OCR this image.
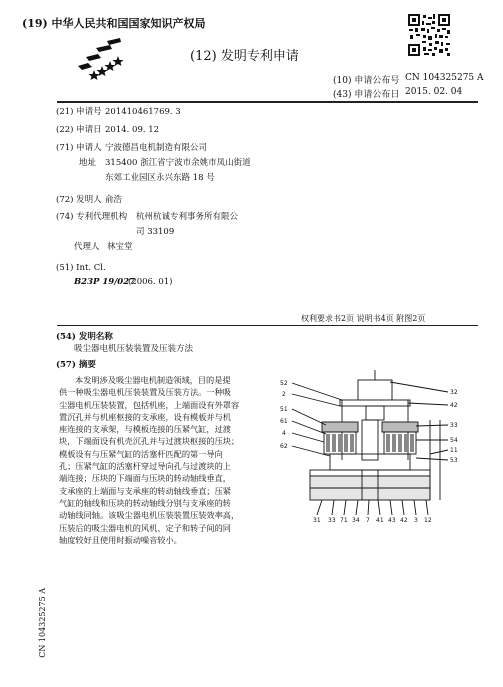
(19) 中华人民共和国国家知识产权局
(12) 发明专利申请
(10) 申请公布号 CN 104325275 A
(43) 申请公布日 2015. 02. 04
(21) 申请号 201410461769. 3
(22) 申请日 2014. 09. 12
(71) 申请人 宁波德昌电机制造有限公司
地址 315400 浙江省宁波市余姚市凤山街道
东郊工业园区永兴东路 18 号
(72) 发明人 俞浩
(74) 专利代理机构 杭州杭诚专利事务所有限公
司 33109
代理人 林宝堂
(51) Int. Cl.
B23P 19/027
(2006. 01)
权利要求书2页 说明书4页 附图2页
(54) 发明名称
吸尘器电机压装装置及压装方法
(57) 摘要
本发明涉及吸尘器电机制造领域，目的是提
供一种吸尘器电机压装装置及压装方法。一种吸
尘器电机压装装置，包括机座，上端面设有外罩容
置沉孔并与机座枢接的支承座，设有模板并与机
座连接的支承架，与模板连接的压紧气缸，过渡
块，下端面设有机壳沉孔并与过渡块枢接的压块；
模板设有与压紧气缸的活塞杆匹配的第一导向
孔；压紧气缸的活塞杆穿过导向孔与过渡块的上
端连接；压块的下端面与压块的转动轴线垂直，
支承座的上端面与支承座的转动轴线垂直；压紧
气缸的轴线和压块的转动轴线分别与支承座的转
动轴线同轴。该吸尘器电机压装装置压装效率高，
压装后的吸尘器电机的风机、定子和转子间的同
轴度较好且使用时振动噪音较小。
52
2
51
61
4
62
32
42
33
54
11
53
31 33 71 34 7 41 43 42 3 12
CN 104325275 A
